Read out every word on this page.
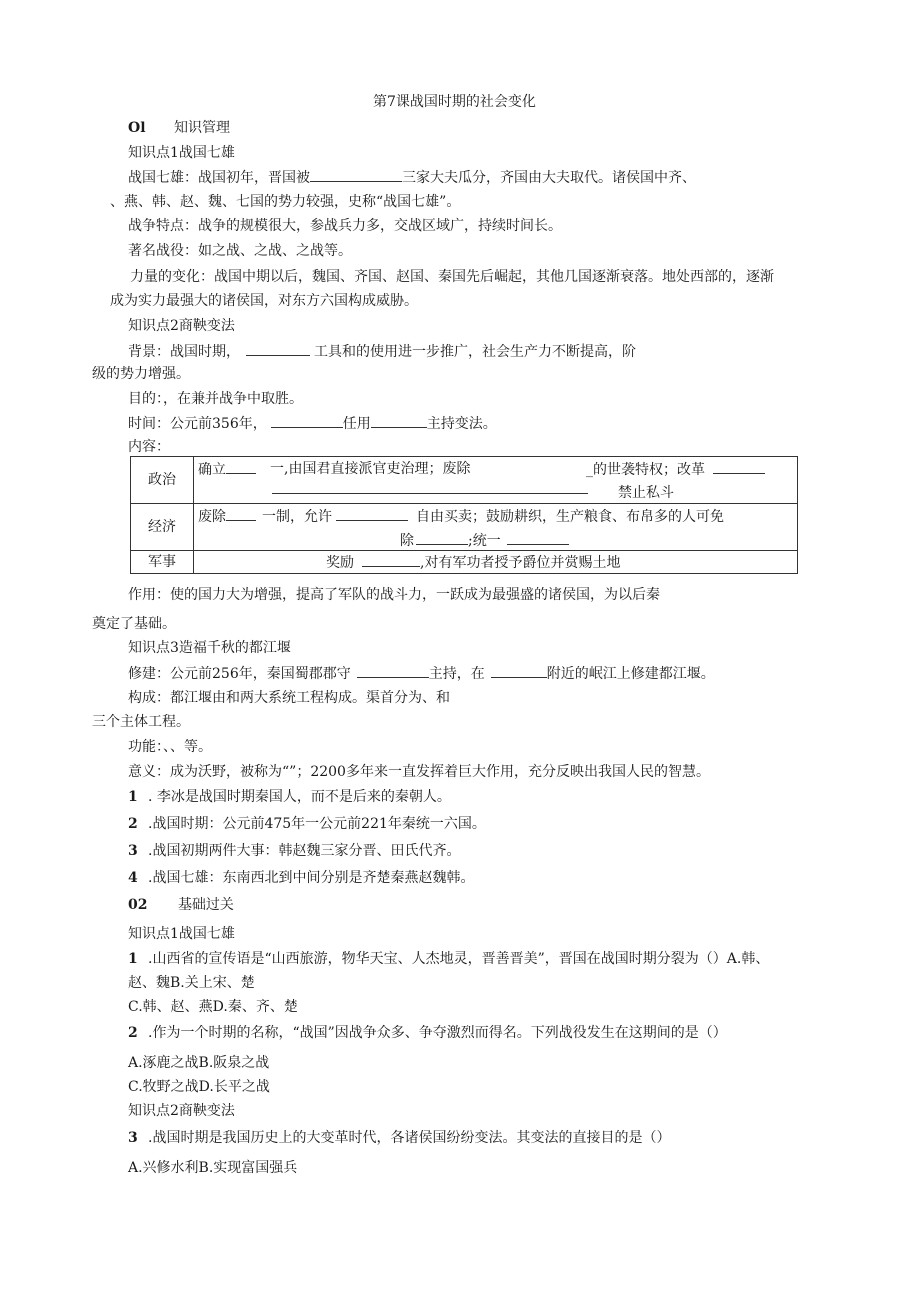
第7课战国时期的社会变化
Ol 知识管理
知识点1战国七雄
战国七雄：战国初年，晋国被	三家大夫瓜分，齐国由大夫取代。诸侯国中齐、
、燕、韩、赵、魏、七国的势力较强，史称“战国七雄”。
战争特点：战争的规模很大，参战兵力多，交战区域广，持续时间长。
著名战役：如之战、之战、之战等。
力量的变化：战国中期以后，魏国、齐国、赵国、秦国先后崛起，其他几国逐渐衰落。地处西部的，逐渐
成为实力最强大的诸侯国，对东方六国构成威胁。
知识点2商鞅变法
背景：战国时期，	工具和的使用进一步推广，社会生产力不断提高，阶
级的势力增强。
目的：，在兼并战争中取胜。
时间：公元前356年，	任用	主持变法。
内容：
政治	确立 一,由国君直接派官吏治理；废除 _的世袭特权；改革
禁止私斗

经济	废除 一制，允许 自由买卖；鼓励耕织，生产粮食、布帛多的人可免
除 ;统一

军事	奖励 ,对有军功者授予爵位并赏赐土地
作用：使的国力大为增强，提高了军队的战斗力，一跃成为最强盛的诸侯国，为以后秦
奠定了基础。
知识点3造福千秋的都江堰
修建：公元前256年，秦国蜀郡郡守	主持，在	附近的岷江上修建都江堰。
构成：都江堰由和两大系统工程构成。渠首分为、和
三个主体工程。
功能：、、等。
意义：成为沃野，被称为“”；2200多年来一直发挥着巨大作用，充分反映出我国人民的智慧。
1 . 李冰是战国时期秦国人，而不是后来的秦朝人。
2 .战国时期：公元前475年一公元前221年秦统一六国。
3 .战国初期两件大事：韩赵魏三家分晋、田氏代齐。
4 .战国七雄：东南西北到中间分别是齐楚秦燕赵魏韩。
02 基础过关
知识点1战国七雄
1 .山西省的宣传语是“山西旅游，物华天宝、人杰地灵，晋善晋美”，晋国在战国时期分裂为（）A.韩、
赵、魏B.关上宋、楚
C.韩、赵、燕D.秦、齐、楚
2 .作为一个时期的名称，“战国”因战争众多、争夺激烈而得名。下列战役发生在这期间的是（）
A.涿鹿之战B.阪泉之战
C.牧野之战D.长平之战
知识点2商鞅变法
3 .战国时期是我国历史上的大变革时代，各诸侯国纷纷变法。其变法的直接目的是（）
A.兴修水利B.实现富国强兵
